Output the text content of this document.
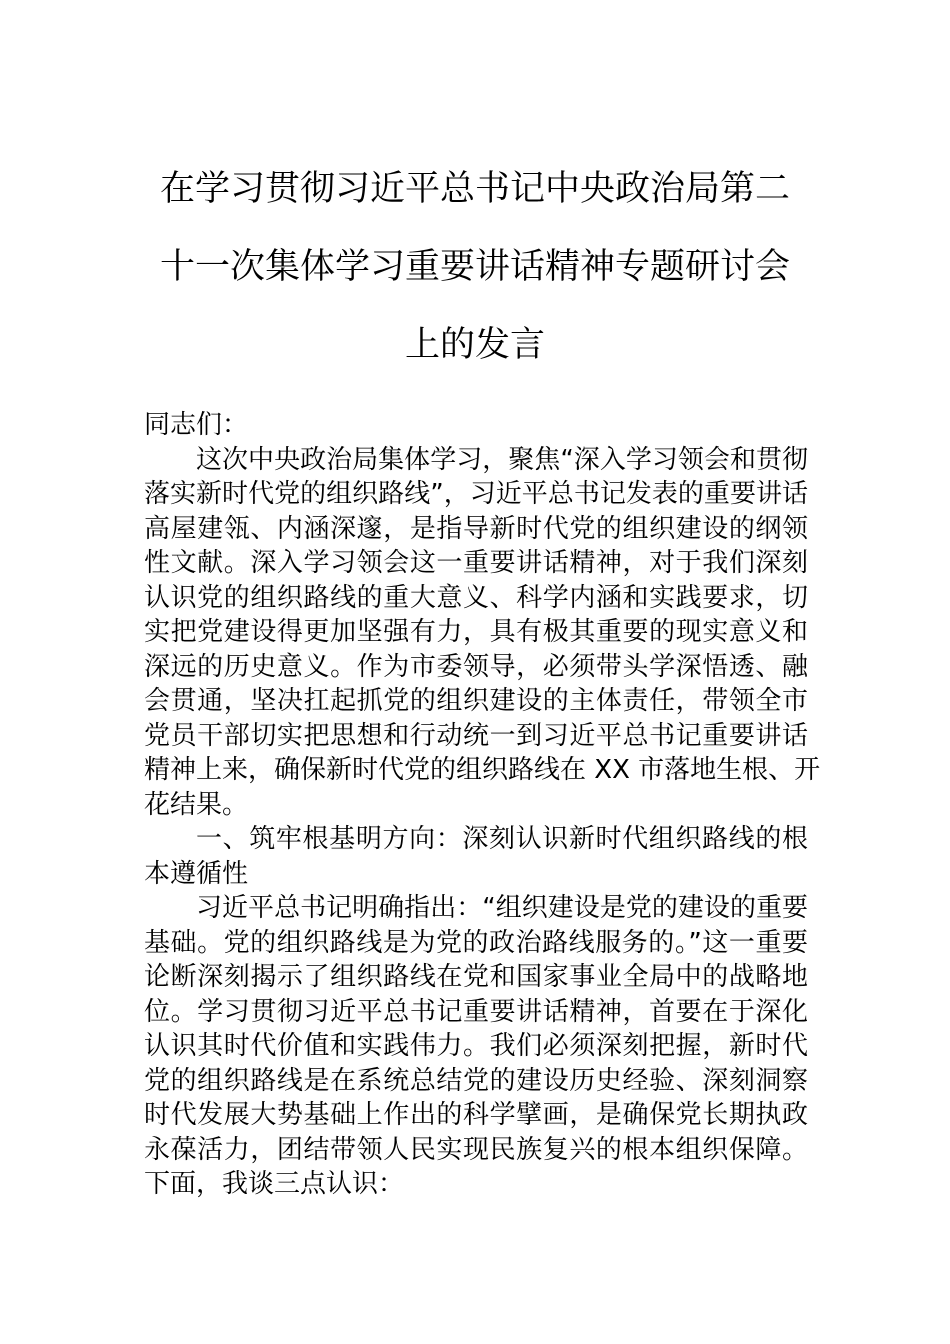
在学习贯彻习近平总书记中央政治局第二
十一次集体学习重要讲话精神专题研讨会
上的发言
同志们：
这次中央政治局集体学习，聚焦“深入学习领会和贯彻
落实新时代党的组织路线”，习近平总书记发表的重要讲话
高屋建瓴、内涵深邃，是指导新时代党的组织建设的纲领
性文献。深入学习领会这一重要讲话精神，对于我们深刻
认识党的组织路线的重大意义、科学内涵和实践要求，切
实把党建设得更加坚强有力，具有极其重要的现实意义和
深远的历史意义。作为市委领导，必须带头学深悟透、融
会贯通，坚决扛起抓党的组织建设的主体责任，带领全市
党员干部切实把思想和行动统一到习近平总书记重要讲话
精神上来，确保新时代党的组织路线在 XX 市落地生根、开
花结果。
一、筑牢根基明方向：深刻认识新时代组织路线的根
本遵循性
习近平总书记明确指出：“组织建设是党的建设的重要
基础。党的组织路线是为党的政治路线服务的。”这一重要
论断深刻揭示了组织路线在党和国家事业全局中的战略地
位。学习贯彻习近平总书记重要讲话精神，首要在于深化
认识其时代价值和实践伟力。我们必须深刻把握，新时代
党的组织路线是在系统总结党的建设历史经验、深刻洞察
时代发展大势基础上作出的科学擘画，是确保党长期执政
永葆活力，团结带领人民实现民族复兴的根本组织保障。
下面，我谈三点认识：
